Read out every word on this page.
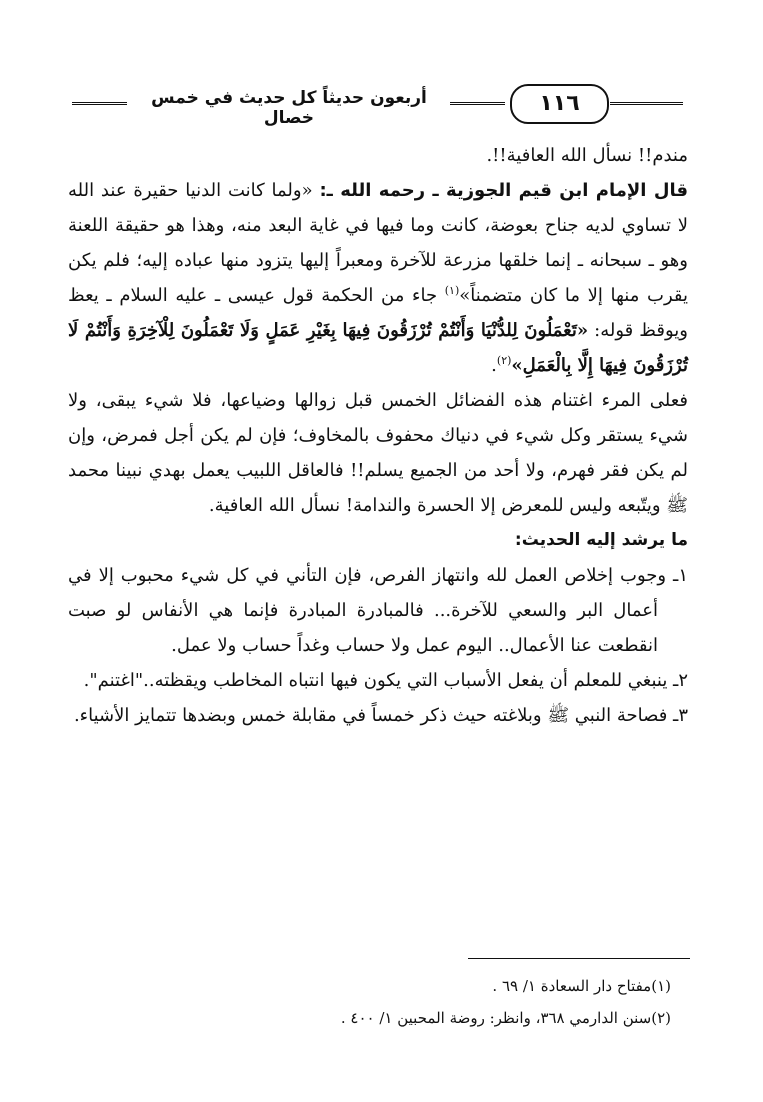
١١٦
أربعون حديثاً كل حديث في خمس خصال

مندم!! نسأل الله العافية!!.

قال الإمام ابن قيم الجوزية ـ رحمه الله ـ: «ولما كانت الدنيا حقيرة عند الله لا تساوي لديه جناح بعوضة، كانت وما فيها في غاية البعد منه، وهذا هو حقيقة اللعنة وهو ـ سبحانه ـ إنما خلقها مزرعة للآخرة ومعبراً إليها يتزود منها عباده إليه؛ فلم يكن يقرب منها إلا ما كان متضمناً»$^{(١)}$ جاء من الحكمة قول عيسى ـ عليه السلام ـ يعظ ويوقظ قوله: «تَعْمَلُونَ لِلدُّنْيَا وَأَنْتُمْ تُرْزَقُونَ فِيهَا بِغَيْرِ عَمَلٍ وَلَا تَعْمَلُونَ لِلْآخِرَةِ وَأَنْتُمْ لَا تُرْزَقُونَ فِيهَا إِلَّا بِالْعَمَلِ»$^{(٢)}$.

فعلى المرء اغتنام هذه الفضائل الخمس قبل زوالها وضياعها، فلا شيء يبقى، ولا شيء يستقر وكل شيء في دنياك محفوف بالمخاوف؛ فإن لم يكن أجل فمرض، وإن لم يكن فقر فهرم، ولا أحد من الجميع يسلم!! فالعاقل اللبيب يعمل بهدي نبينا محمد ﷺ ويتّبعه وليس للمعرض إلا الحسرة والندامة! نسأل الله العافية.

ما يرشد إليه الحديث:

١ـ وجوب إخلاص العمل لله وانتهاز الفرص، فإن التأني في كل شيء محبوب إلا في أعمال البر والسعي للآخرة... فالمبادرة المبادرة فإنما هي الأنفاس لو صبت انقطعت عنا الأعمال.. اليوم عمل ولا حساب وغداً حساب ولا عمل.

٢ـ ينبغي للمعلم أن يفعل الأسباب التي يكون فيها انتباه المخاطب ويقظته.."اغتنم".

٣ـ فصاحة النبي ﷺ وبلاغته حيث ذكر خمساً في مقابلة خمس وبضدها تتمايز الأشياء.

(١)مفتاح دار السعادة ١/ ٦٩ .

(٢)سنن الدارمي ٣٦٨، وانظر: روضة المحبين ١/ ٤٠٠ .
